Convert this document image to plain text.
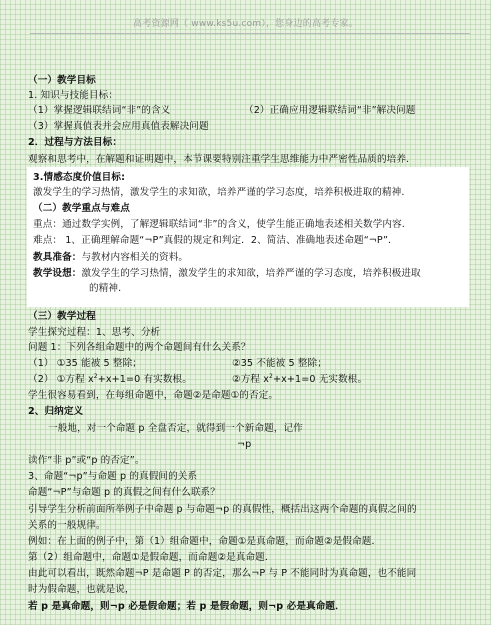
高考资源网（ www.ks5u.com），您身边的高考专家。
（一）教学目标
1. 知识与技能目标：
（1）掌握逻辑联结词“非”的含义	（2）正确应用逻辑联结词“非”解决问题
（3）掌握真值表并会应用真值表解决问题
2．过程与方法目标：
观察和思考中，在解题和证明题中，本节课要特别注重学生思维能力中严密性品质的培养．
3.情感态度价值目标:
激发学生的学习热情，激发学生的求知欲，培养严谨的学习态度，培养积极进取的精神.
（二）教学重点与难点
重点：通过数学实例，了解逻辑联结词“非”的含义，使学生能正确地表述相关数学内容.
难点： 1、正确理解命题“¬P”真假的规定和判定．2、简洁、准确地表述命题“¬P”．
教具准备：与教材内容相关的资料。
教学设想：激发学生的学习热情，激发学生的求知欲，培养严谨的学习态度，培养积极进取
的精神．
（三）教学过程
学生探究过程：1、思考、分析
问题 1：下列各组命题中的两个命题间有什么关系？
（1） ①35 能被 5 整除；	②35 不能被 5 整除；
（2） ①方程 $x^2+x+1=0$ 有实数根。	②方程 $x^2+x+1=0$ 无实数根。
学生很容易看到，在每组命题中，命题②是命题①的否定。
2、归纳定义
一般地，对一个命题 p 全盘否定，就得到一个新命题，记作
¬p
读作“非 p”或“p 的否定”。
3、命题“¬p”与命题 p 的真假间的关系
命题“¬P”与命题 p 的真假之间有什么联系？
引导学生分析前面所举例子中命题 p 与命题¬p 的真假性，概括出这两个命题的真假之间的
关系的一般规律。
例如：在上面的例子中，第（1）组命题中，命题①是真命题，而命题②是假命题．
第（2）组命题中，命题①是假命题，而命题②是真命题．
由此可以看出，既然命题¬P 是命题 P 的否定，那么¬P 与 P 不能同时为真命题，也不能同
时为假命题，也就是说，
若 p 是真命题，则¬p 必是假命题；若 p 是假命题，则¬p 必是真命题．
